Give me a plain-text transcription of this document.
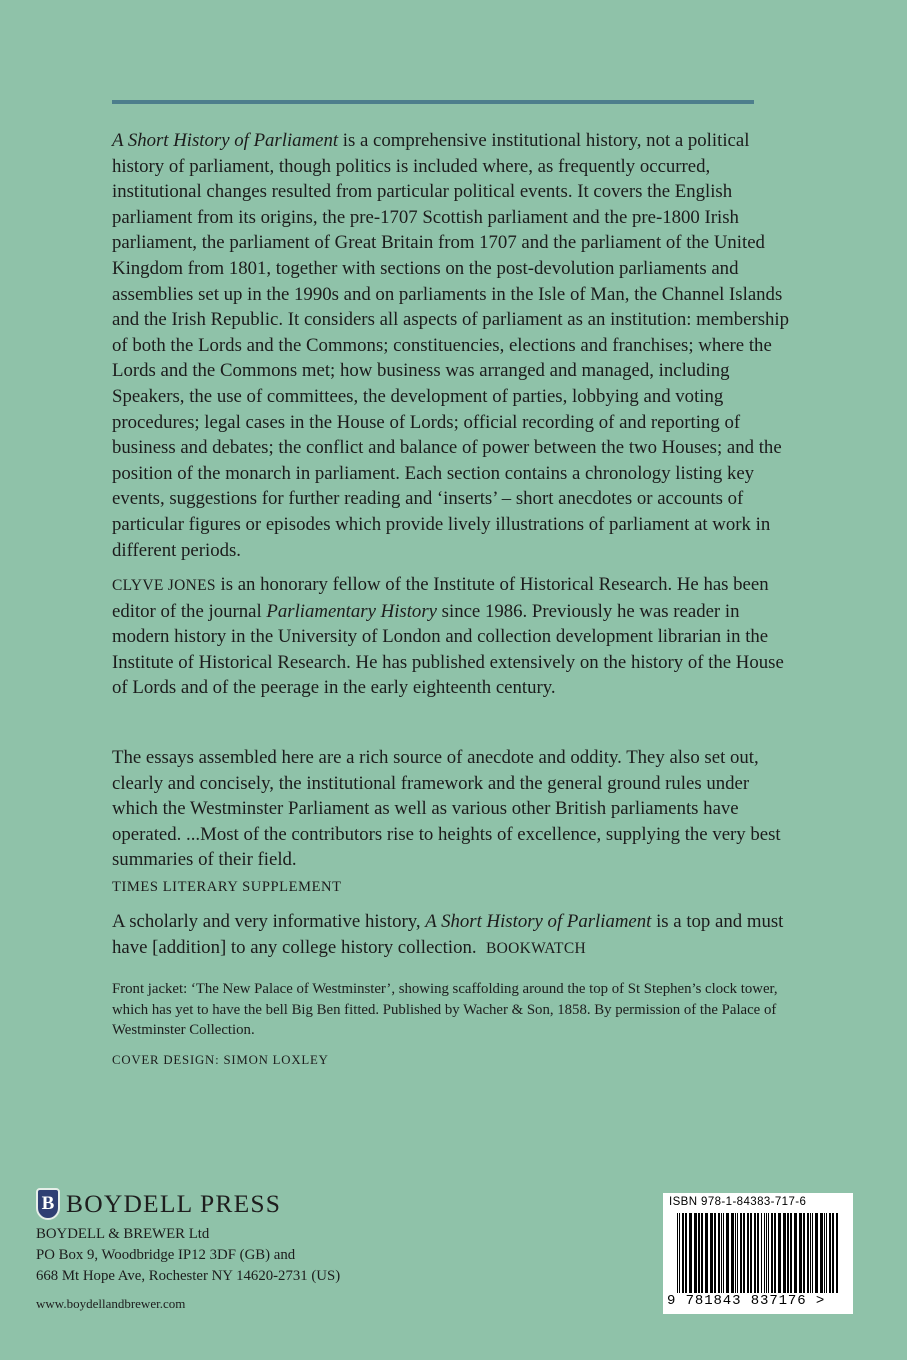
A Short History of Parliament is a comprehensive institutional history, not a political history of parliament, though politics is included where, as frequently occurred, institutional changes resulted from particular political events. It covers the English parliament from its origins, the pre-1707 Scottish parliament and the pre-1800 Irish parliament, the parliament of Great Britain from 1707 and the parliament of the United Kingdom from 1801, together with sections on the post-devolution parliaments and assemblies set up in the 1990s and on parliaments in the Isle of Man, the Channel Islands and the Irish Republic. It considers all aspects of parliament as an institution: membership of both the Lords and the Commons; constituencies, elections and franchises; where the Lords and the Commons met; how business was arranged and managed, including Speakers, the use of committees, the development of parties, lobbying and voting procedures; legal cases in the House of Lords; official recording of and reporting of business and debates; the conflict and balance of power between the two Houses; and the position of the monarch in parliament. Each section contains a chronology listing key events, suggestions for further reading and ‘inserts’ – short anecdotes or accounts of particular figures or episodes which provide lively illustrations of parliament at work in different periods.

CLYVE JONES is an honorary fellow of the Institute of Historical Research. He has been editor of the journal Parliamentary History since 1986. Previously he was reader in modern history in the University of London and collection development librarian in the Institute of Historical Research. He has published extensively on the history of the House of Lords and of the peerage in the early eighteenth century.

The essays assembled here are a rich source of anecdote and oddity. They also set out, clearly and concisely, the institutional framework and the general ground rules under which the Westminster Parliament as well as various other British parliaments have operated. ...Most of the contributors rise to heights of excellence, supplying the very best summaries of their field.

TIMES LITERARY SUPPLEMENT

A scholarly and very informative history, A Short History of Parliament is a top and must have [addition] to any college history collection. BOOKWATCH

Front jacket: ‘The New Palace of Westminster’, showing scaffolding around the top of St Stephen’s clock tower, which has yet to have the bell Big Ben fitted. Published by Wacher & Son, 1858. By permission of the Palace of Westminster Collection.

COVER DESIGN: SIMON LOXLEY

B BOYDELL PRESS
BOYDELL & BREWER Ltd
PO Box 9, Woodbridge IP12 3DF (GB) and
668 Mt Hope Ave, Rochester NY 14620-2731 (US)
www.boydellandbrewer.com
ISBN 978-1-84383-717-6
9 781843 837176 >
